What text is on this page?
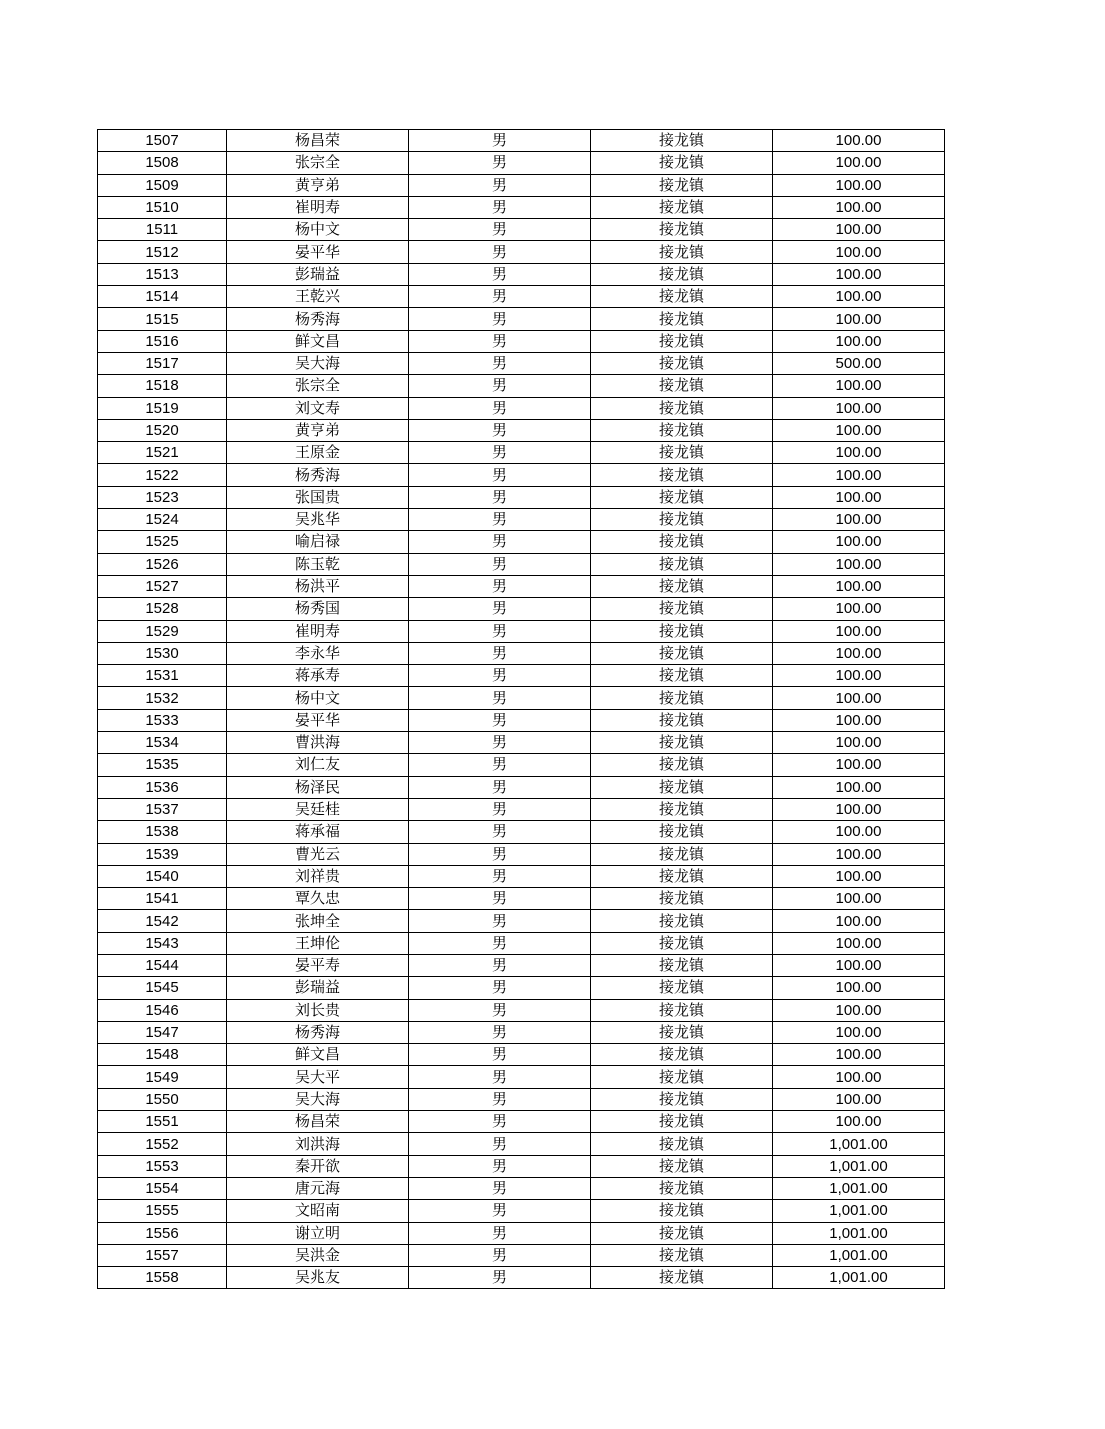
1507	杨昌荣	男	接龙镇	100.00
1508	张宗全	男	接龙镇	100.00
1509	黄亨弟	男	接龙镇	100.00
1510	崔明寿	男	接龙镇	100.00
1511	杨中文	男	接龙镇	100.00
1512	晏平华	男	接龙镇	100.00
1513	彭瑞益	男	接龙镇	100.00
1514	王乾兴	男	接龙镇	100.00
1515	杨秀海	男	接龙镇	100.00
1516	鲜文昌	男	接龙镇	100.00
1517	吴大海	男	接龙镇	500.00
1518	张宗全	男	接龙镇	100.00
1519	刘文寿	男	接龙镇	100.00
1520	黄亨弟	男	接龙镇	100.00
1521	王原金	男	接龙镇	100.00
1522	杨秀海	男	接龙镇	100.00
1523	张国贵	男	接龙镇	100.00
1524	吴兆华	男	接龙镇	100.00
1525	喻启禄	男	接龙镇	100.00
1526	陈玉乾	男	接龙镇	100.00
1527	杨洪平	男	接龙镇	100.00
1528	杨秀国	男	接龙镇	100.00
1529	崔明寿	男	接龙镇	100.00
1530	李永华	男	接龙镇	100.00
1531	蒋承寿	男	接龙镇	100.00
1532	杨中文	男	接龙镇	100.00
1533	晏平华	男	接龙镇	100.00
1534	曹洪海	男	接龙镇	100.00
1535	刘仁友	男	接龙镇	100.00
1536	杨泽民	男	接龙镇	100.00
1537	吴廷桂	男	接龙镇	100.00
1538	蒋承福	男	接龙镇	100.00
1539	曹光云	男	接龙镇	100.00
1540	刘祥贵	男	接龙镇	100.00
1541	覃久忠	男	接龙镇	100.00
1542	张坤全	男	接龙镇	100.00
1543	王坤伦	男	接龙镇	100.00
1544	晏平寿	男	接龙镇	100.00
1545	彭瑞益	男	接龙镇	100.00
1546	刘长贵	男	接龙镇	100.00
1547	杨秀海	男	接龙镇	100.00
1548	鲜文昌	男	接龙镇	100.00
1549	吴大平	男	接龙镇	100.00
1550	吴大海	男	接龙镇	100.00
1551	杨昌荣	男	接龙镇	100.00
1552	刘洪海	男	接龙镇	1,001.00
1553	秦开欲	男	接龙镇	1,001.00
1554	唐元海	男	接龙镇	1,001.00
1555	文昭南	男	接龙镇	1,001.00
1556	谢立明	男	接龙镇	1,001.00
1557	吴洪金	男	接龙镇	1,001.00
1558	吴兆友	男	接龙镇	1,001.00
